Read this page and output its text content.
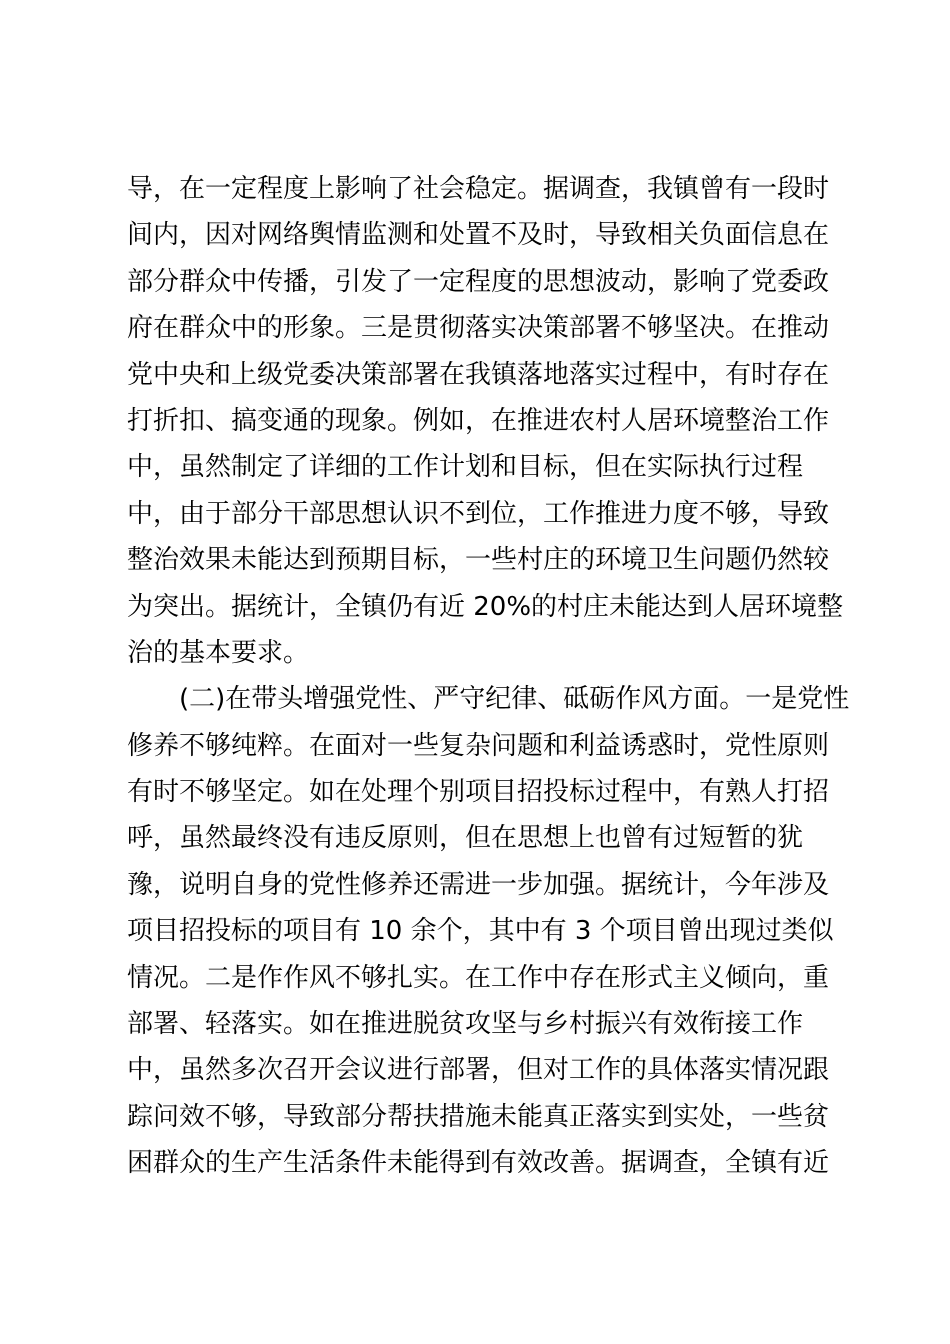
导，在一定程度上影响了社会稳定。据调查，我镇曾有一段时
间内，因对网络舆情监测和处置不及时，导致相关负面信息在
部分群众中传播，引发了一定程度的思想波动，影响了党委政
府在群众中的形象。三是贯彻落实决策部署不够坚决。在推动
党中央和上级党委决策部署在我镇落地落实过程中，有时存在
打折扣、搞变通的现象。例如，在推进农村人居环境整治工作
中，虽然制定了详细的工作计划和目标，但在实际执行过程
中，由于部分干部思想认识不到位，工作推进力度不够，导致
整治效果未能达到预期目标，一些村庄的环境卫生问题仍然较
为突出。据统计，全镇仍有近 20%的村庄未能达到人居环境整
治的基本要求。
(二)在带头增强党性、严守纪律、砥砺作风方面。一是党性
修养不够纯粹。在面对一些复杂问题和利益诱惑时，党性原则
有时不够坚定。如在处理个别项目招投标过程中，有熟人打招
呼，虽然最终没有违反原则，但在思想上也曾有过短暂的犹
豫，说明自身的党性修养还需进一步加强。据统计，今年涉及
项目招投标的项目有 10 余个，其中有 3 个项目曾出现过类似
情况。二是作作风不够扎实。在工作中存在形式主义倾向，重
部署、轻落实。如在推进脱贫攻坚与乡村振兴有效衔接工作
中，虽然多次召开会议进行部署，但对工作的具体落实情况跟
踪问效不够，导致部分帮扶措施未能真正落实到实处，一些贫
困群众的生产生活条件未能得到有效改善。据调查，全镇有近
